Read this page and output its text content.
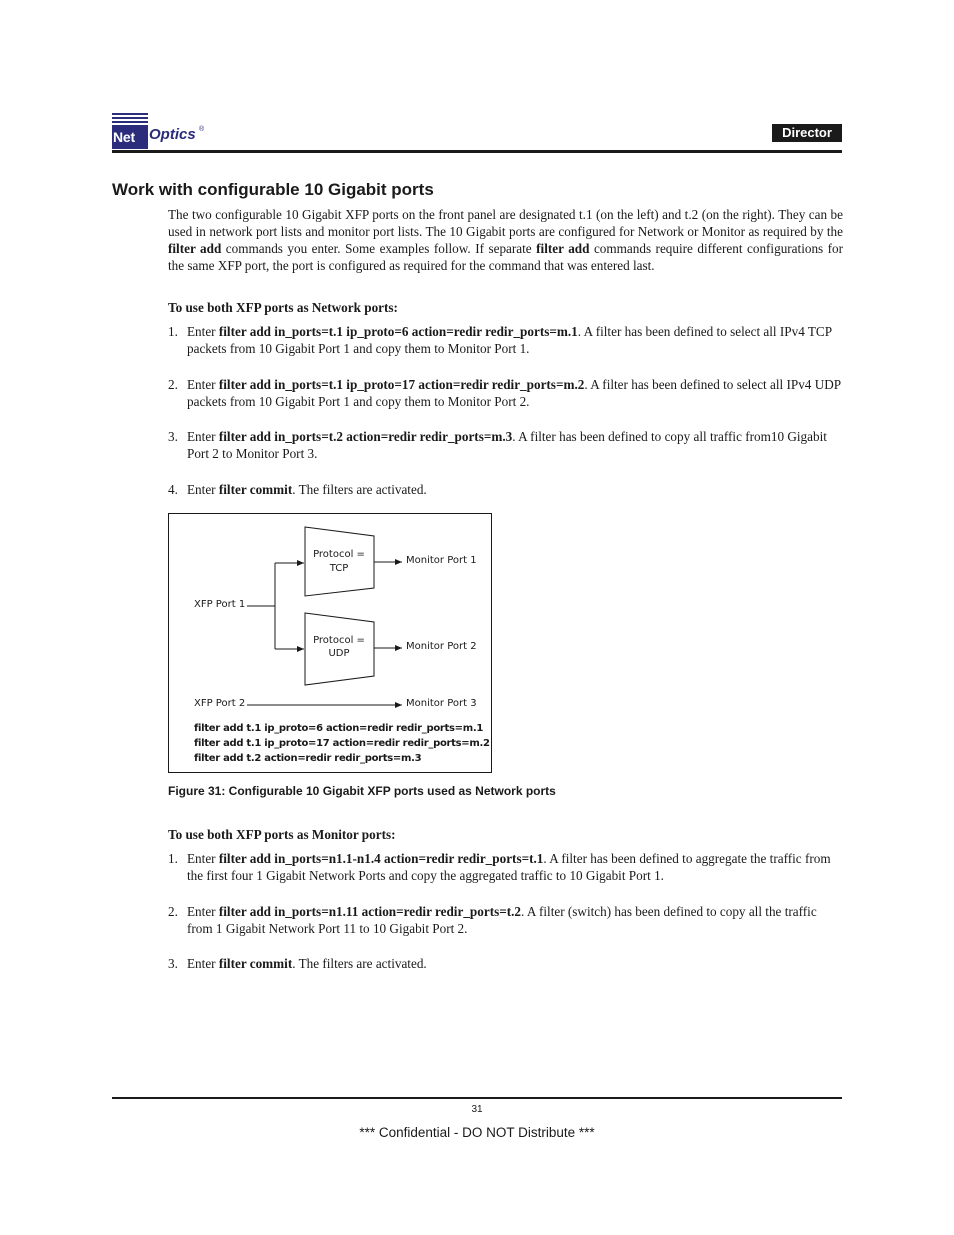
Net Optics ®	Director
Work with configurable 10 Gigabit ports
The two configurable 10 Gigabit XFP ports on the front panel are designated t.1 (on the left) and t.2 (on the right). They can be used in network port lists and monitor port lists. The 10 Gigabit ports are configured for Network or Monitor as required by the filter add commands you enter. Some examples follow. If separate filter add commands require different configurations for the same XFP port, the port is configured as required for the command that was entered last.
To use both XFP ports as Network ports:
1. Enter filter add in_ports=t.1 ip_proto=6 action=redir redir_ports=m.1. A filter has been defined to select all IPv4 TCP packets from 10 Gigabit Port 1 and copy them to Monitor Port 1.
2. Enter filter add in_ports=t.1 ip_proto=17 action=redir redir_ports=m.2. A filter has been defined to select all IPv4 UDP packets from 10 Gigabit Port 1 and copy them to Monitor Port 2.
3. Enter filter add in_ports=t.2 action=redir redir_ports=m.3. A filter has been defined to copy all traffic from10 Gigabit Port 2 to Monitor Port 3.
4. Enter filter commit. The filters are activated.
XFP Port 1
XFP Port 2
Protocol =
TCP
Protocol =
UDP
Monitor Port 1
Monitor Port 2
Monitor Port 3
filter add t.1 ip_proto=6 action=redir redir_ports=m.1
filter add t.1 ip_proto=17 action=redir redir_ports=m.2
filter add t.2 action=redir redir_ports=m.3
Figure 31: Configurable 10 Gigabit XFP ports used as Network ports
To use both XFP ports as Monitor ports:
1. Enter filter add in_ports=n1.1-n1.4 action=redir redir_ports=t.1. A filter has been defined to aggregate the traffic from the first four 1 Gigabit Network Ports and copy the aggregated traffic to 10 Gigabit Port 1.
2. Enter filter add in_ports=n1.11 action=redir redir_ports=t.2. A filter (switch) has been defined to copy all the traffic from 1 Gigabit Network Port 11 to 10 Gigabit Port 2.
3. Enter filter commit. The filters are activated.
31
*** Confidential - DO NOT Distribute ***
